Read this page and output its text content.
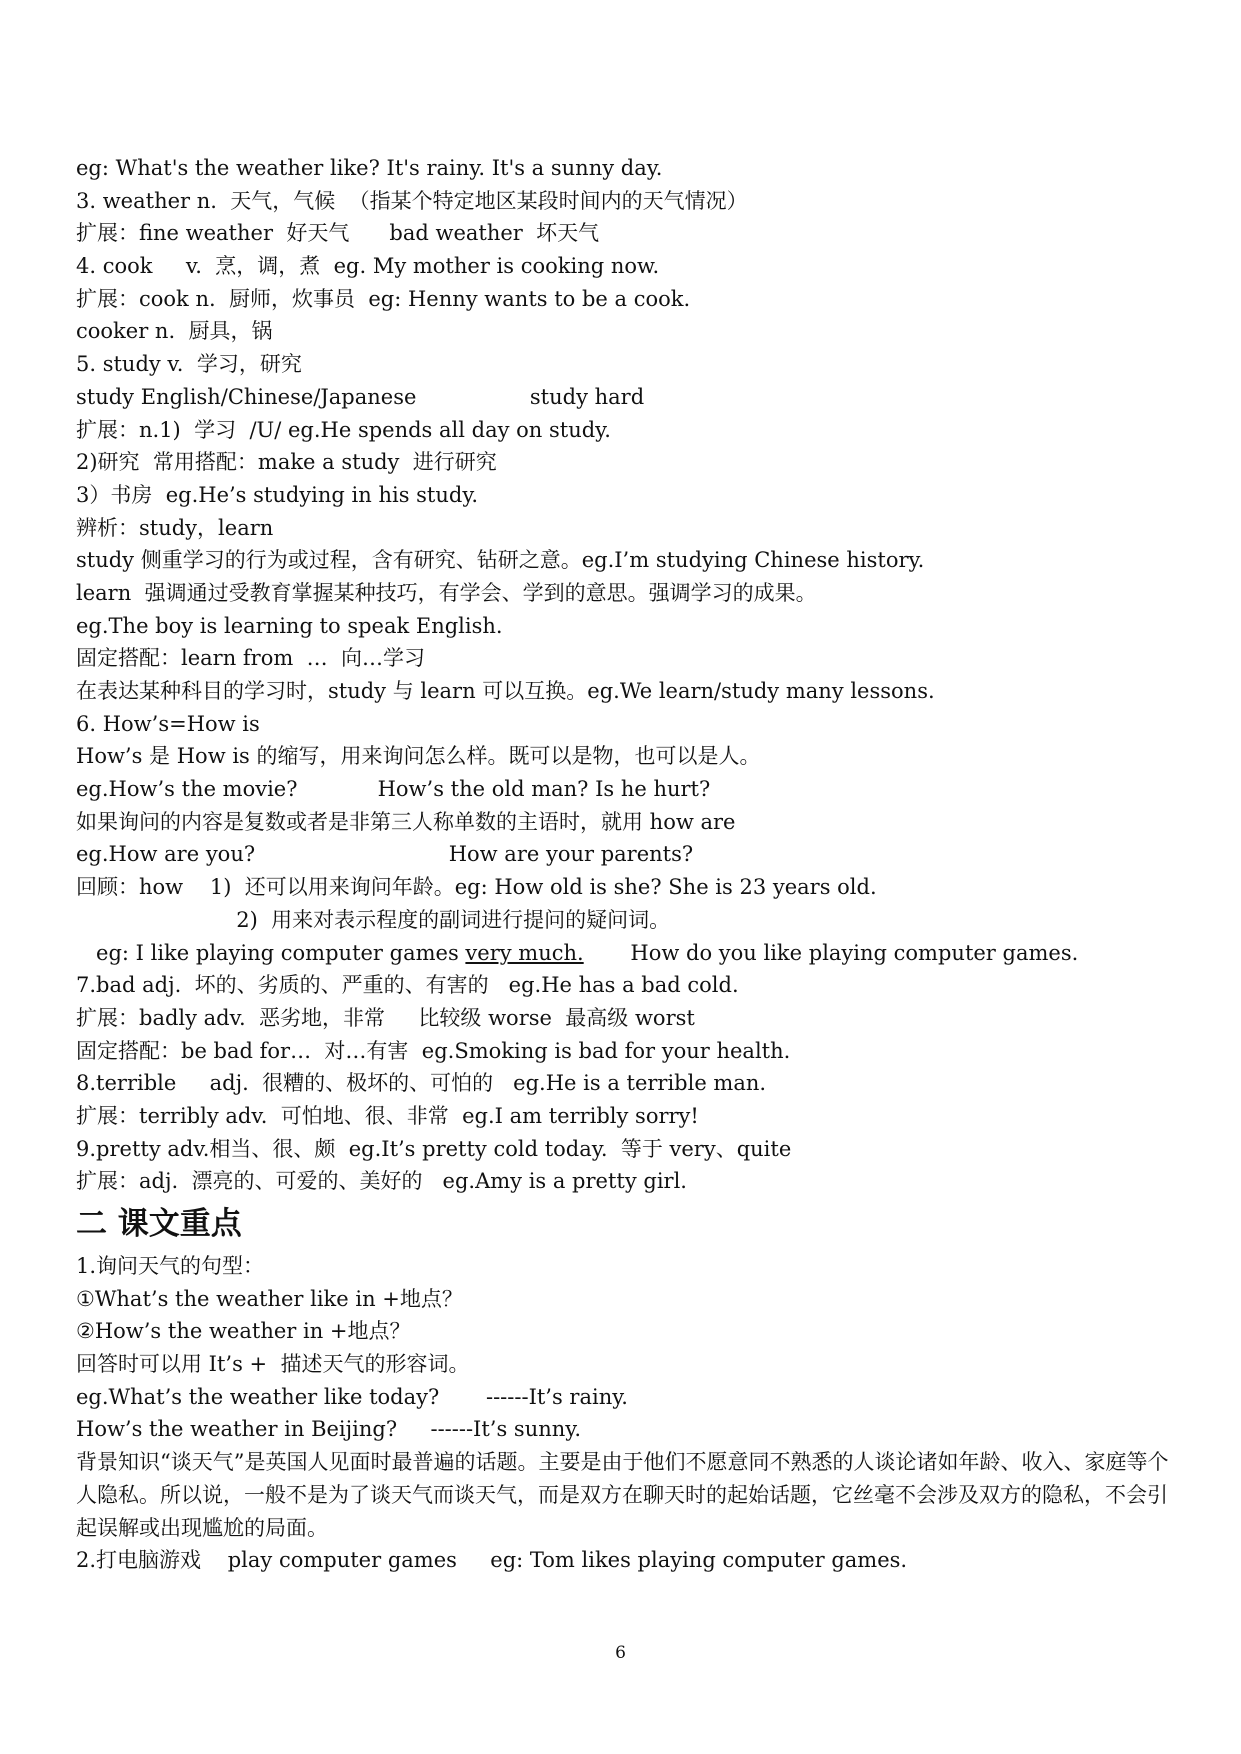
eg: What's the weather like? It's rainy. It's a sunny day.
3. weather n.  天气，气候  （指某个特定地区某段时间内的天气情况）
扩展：fine weather  好天气      bad weather  坏天气
4. cook     v.  烹，调，煮  eg. My mother is cooking now.
扩展：cook n.  厨师，炊事员  eg: Henny wants to be a cook.
cooker n.  厨具，锅
5. study v.  学习，研究
study English/Chinese/Japanese                 study hard
扩展：n.1)  学习  /U/ eg.He spends all day on study.
2)研究  常用搭配：make a study  进行研究
3）书房  eg.He’s studying in his study.
辨析：study，learn
study 侧重学习的行为或过程，含有研究、钻研之意。eg.I’m studying Chinese history.
learn  强调通过受教育掌握某种技巧，有学会、学到的意思。强调学习的成果。
eg.The boy is learning to speak English.
固定搭配：learn from  …  向…学习
在表达某种科目的学习时，study 与 learn 可以互换。eg.We learn/study many lessons.
6. How’s=How is
How’s 是 How is 的缩写，用来询问怎么样。既可以是物，也可以是人。
eg.How’s the movie?            How’s the old man? Is he hurt?
如果询问的内容是复数或者是非第三人称单数的主语时，就用 how are
eg.How are you?                             How are your parents?
回顾：how    1)  还可以用来询问年龄。eg: How old is she? She is 23 years old.
2)  用来对表示程度的副词进行提问的疑问词。
eg: I like playing computer games very much.       How do you like playing computer games.
7.bad adj.  坏的、劣质的、严重的、有害的   eg.He has a bad cold.
扩展：badly adv.  恶劣地，非常     比较级 worse  最高级 worst
固定搭配：be bad for…  对…有害  eg.Smoking is bad for your health.
8.terrible     adj.  很糟的、极坏的、可怕的   eg.He is a terrible man.
扩展：terribly adv.  可怕地、很、非常  eg.I am terribly sorry!
9.pretty adv.相当、很、颇  eg.It’s pretty cold today.  等于 very、quite
扩展：adj.  漂亮的、可爱的、美好的   eg.Amy is a pretty girl.
二 课文重点
1.询问天气的句型：
①What’s the weather like in +地点？
②How’s the weather in +地点？
回答时可以用 It’s +  描述天气的形容词。
eg.What’s the weather like today?       ------It’s rainy.
How’s the weather in Beijing?     ------It’s sunny.
背景知识“谈天气”是英国人见面时最普遍的话题。主要是由于他们不愿意同不熟悉的人谈论诸如年龄、收入、家庭等个人隐私。所以说，一般不是为了谈天气而谈天气，而是双方在聊天时的起始话题，它丝毫不会涉及双方的隐私，不会引起误解或出现尴尬的局面。
2.打电脑游戏    play computer games     eg: Tom likes playing computer games.
6
